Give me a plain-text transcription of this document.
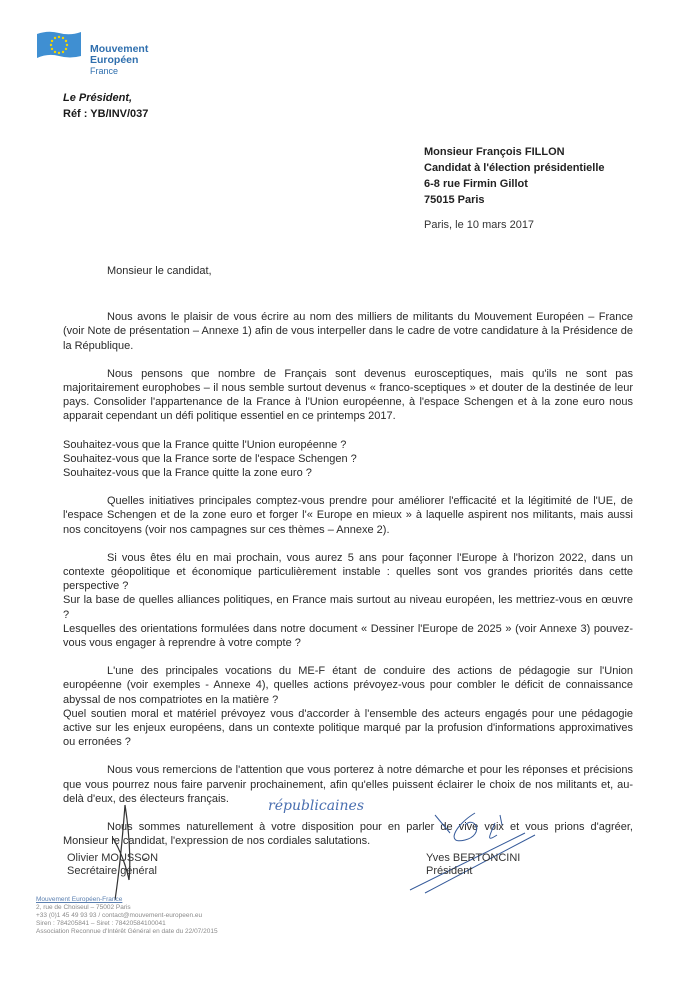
Mouvement
Européen
France
Le Président,
Réf : YB/INV/037
Monsieur François FILLON
Candidat à l'élection présidentielle
6-8 rue Firmin Gillot
75015 Paris
Paris, le 10 mars 2017
Monsieur le candidat,

Nous avons le plaisir de vous écrire au nom des milliers de militants du Mouvement Européen – France (voir Note de présentation – Annexe 1) afin de vous interpeller dans le cadre de votre candidature à la Présidence de la République.

Nous pensons que nombre de Français sont devenus eurosceptiques, mais qu'ils ne sont pas majoritairement europhobes – il nous semble surtout devenus « franco-sceptiques » et douter de la destinée de leur pays. Consolider l'appartenance de la France à l'Union européenne, à l'espace Schengen et à la zone euro nous apparait cependant un défi politique essentiel en ce printemps 2017.

Souhaitez-vous que la France quitte l'Union européenne ?
Souhaitez-vous que la France sorte de l'espace Schengen ?
Souhaitez-vous que la France quitte la zone euro ?

Quelles initiatives principales comptez-vous prendre pour améliorer l'efficacité et la légitimité de l'UE, de l'espace Schengen et de la zone euro et forger l'« Europe en mieux » à laquelle aspirent nos militants, mais aussi nos concitoyens (voir nos campagnes sur ces thèmes – Annexe 2).

Si vous êtes élu en mai prochain, vous aurez 5 ans pour façonner l'Europe à l'horizon 2022, dans un contexte géopolitique et économique particulièrement instable : quelles sont vos grandes priorités dans cette perspective ?
Sur la base de quelles alliances politiques, en France mais surtout au niveau européen, les mettriez-vous en œuvre ?
Lesquelles des orientations formulées dans notre document « Dessiner l'Europe de 2025 » (voir Annexe 3) pouvez-vous vous engager à reprendre à votre compte ?

L'une des principales vocations du ME-F étant de conduire des actions de pédagogie sur l'Union européenne (voir exemples - Annexe 4), quelles actions prévoyez-vous pour combler le déficit de connaissance abyssal de nos compatriotes en la matière ?
Quel soutien moral et matériel prévoyez vous d'accorder à l'ensemble des acteurs engagés pour une pédagogie active sur les enjeux européens, dans un contexte politique marqué par la profusion d'informations approximatives ou erronées ?

Nous vous remercions de l'attention que vous porterez à notre démarche et pour les réponses et précisions que vous pourrez nous faire parvenir prochainement, afin qu'elles puissent éclairer le choix de nos militants et, au-delà d'eux, des électeurs français.

Nous sommes naturellement à votre disposition pour en parler de vive voix et vous prions d'agréer, Monsieur le candidat, l'expression de nos cordiales salutations.

républicaines
Olivier MOUSSON
Secrétaire général
Yves BERTONCINI
Président
Mouvement Européen-France
2, rue de Choiseul – 75002 Paris
+33 (0)1 45 49 93 93 / contact@mouvement-europeen.eu
Siren : 784205841 – Siret : 78420584100041
Association Reconnue d'Intérêt Général en date du 22/07/2015
